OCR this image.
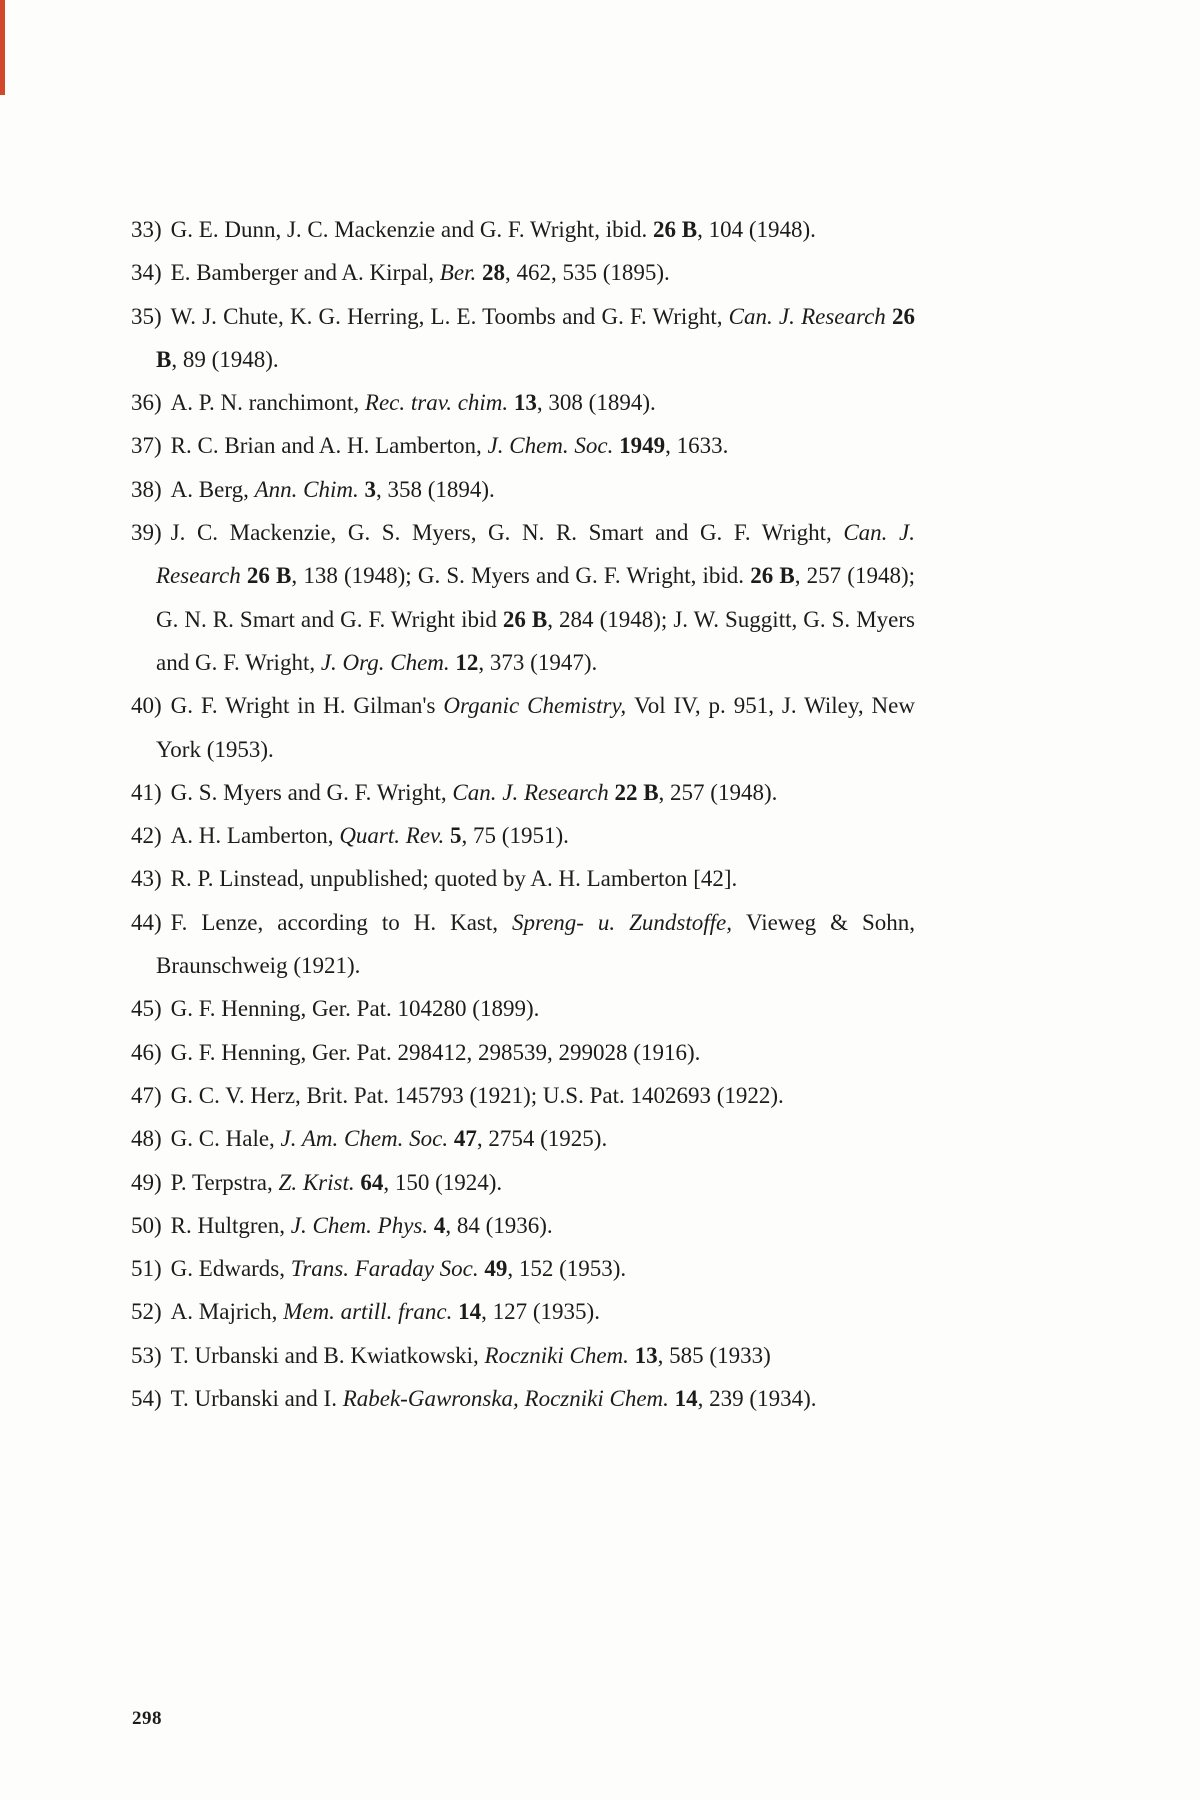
33) G. E. Dunn, J. C. Mackenzie and G. F. Wright, ibid. 26 B, 104 (1948).

34) E. Bamberger and A. Kirpal, Ber. 28, 462, 535 (1895).

35) W. J. Chute, K. G. Herring, L. E. Toombs and G. F. Wright, Can. J. Research 26 B, 89 (1948).

36) A. P. N. ranchimont, Rec. trav. chim. 13, 308 (1894).

37) R. C. Brian and A. H. Lamberton, J. Chem. Soc. 1949, 1633.

38) A. Berg, Ann. Chim. 3, 358 (1894).

39) J. C. Mackenzie, G. S. Myers, G. N. R. Smart and G. F. Wright, Can. J. Research 26 B, 138 (1948); G. S. Myers and G. F. Wright, ibid. 26 B, 257 (1948); G. N. R. Smart and G. F. Wright ibid 26 B, 284 (1948); J. W. Suggitt, G. S. Myers and G. F. Wright, J. Org. Chem. 12, 373 (1947).

40) G. F. Wright in H. Gilman's Organic Chemistry, Vol IV, p. 951, J. Wiley, New York (1953).

41) G. S. Myers and G. F. Wright, Can. J. Research 22 B, 257 (1948).

42) A. H. Lamberton, Quart. Rev. 5, 75 (1951).

43) R. P. Linstead, unpublished; quoted by A. H. Lamberton [42].

44) F. Lenze, according to H. Kast, Spreng- u. Zundstoffe, Vieweg & Sohn, Braunschweig (1921).

45) G. F. Henning, Ger. Pat. 104280 (1899).

46) G. F. Henning, Ger. Pat. 298412, 298539, 299028 (1916).

47) G. C. V. Herz, Brit. Pat. 145793 (1921); U.S. Pat. 1402693 (1922).

48) G. C. Hale, J. Am. Chem. Soc. 47, 2754 (1925).

49) P. Terpstra, Z. Krist. 64, 150 (1924).

50) R. Hultgren, J. Chem. Phys. 4, 84 (1936).

51) G. Edwards, Trans. Faraday Soc. 49, 152 (1953).

52) A. Majrich, Mem. artill. franc. 14, 127 (1935).

53) T. Urbanski and B. Kwiatkowski, Roczniki Chem. 13, 585 (1933)

54) T. Urbanski and I. Rabek-Gawronska, Roczniki Chem. 14, 239 (1934).

298
